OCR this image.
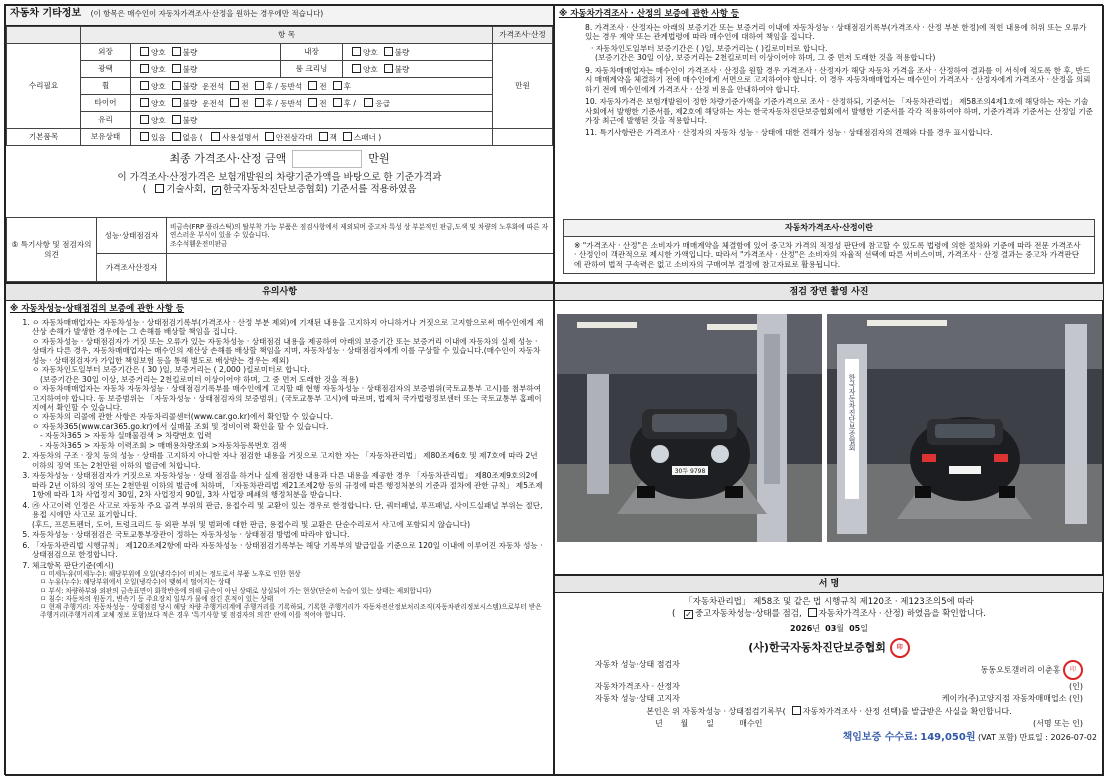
자동차 기타정보 (이 항목은 매수인이 자동차가격조사·산정을 원하는 경우에만 적습니다)
	항 목				가격조사·산정
수리필요	외장	양호 불량	내장	양호 불량	만원
	광택	양호 불량	룸 크리닝	양호 불량	
	휠	양호 불량 운전석 전 후 / 동반석 전 후			
	타이어	양호 불량 운전석 전 후 / 동반석 전 후 / 응급			
	유리	양호 불량			
기본품목	보유상태	있음 없음 ( 사용설명서 안전삼각대 잭 스패너 )			
최종 가격조사·산정 금액	만원
이 가격조사·산정가격은 보험개발원의 차량기준가액을 바탕으로 한 기준가격과
( 기술사회, ✓ 한국자동차진단보증협회) 기준서를 적용하였음
⑤ 특기사항 및 점검자의 의견	성능·상태점검자	비금속(FRP 플라스틱)의 탈부착 가능 부품은 점검사항에서 제외되며 중고차 특성 상 부분적인 판금,도색 및 차량의 노후화에 따른 자연스러운 부식이 있을 수 있습니다.
조수석휀운전미판금

	가격조사산정자	
※ 자동차가격조사 · 산정의 보증에 관한 사항 등
8. 가격조사 · 산정자는 아래의 보증기간 또는 보증거리 이내에 자동차성능 · 상태점검기록부(가격조사 · 산정 부분 한정)에 적힌 내용에 허위 또는 오류가 있는 경우 계약 또는 관계법령에 따라 매수인에 대하여 책임을 집니다.
· 자동차인도일부터 보증기간은 ( )일, 보증거리는 ( )킬로미터로 합니다.
(보증기간은 30일 이상, 보증거리는 2천킬로미터 이상이어야 하며, 그 중 먼저 도래한 것을 적용합니다)
9. 자동차매매업자는 매수인이 가격조사 · 산정을 원할 경우 가격조사 · 산정자가 해당 자동차 가격을 조사 · 산정하여 결과를 이 서식에 적도록 한 후, 반드시 매매계약을 체결하기 전에 매수인에게 서면으로 고지하여야 합니다. 이 경우 자동차매매업자는 매수인이 가격조사 · 산정자에게 가격조사 · 산정을 의뢰하기 전에 매수인에게 가격조사 · 산정 비용을 안내하여야 합니다.
10. 자동차가격은 보험개발원이 정한 차량기준가액을 기준가격으로 조사 · 산정하되, 기준서는 「자동차관리법」 제58조의4제1호에 해당하는 자는 기술사회에서 발행한 기준서를, 제2호에 해당하는 자는 한국자동차진단보증협회에서 발행한 기준서를 각각 적용하여야 하며, 기준가격과 기준서는 산정일 기준 가장 최근에 발행된 것을 적용합니다.
11. 특기사항란은 가격조사 · 산정자의 자동차 성능 · 상태에 대한 견해가 성능 · 상태점검자의 견해와 다를 경우 표시합니다.
자동차가격조사·산정이란
※ "가격조사 · 산정"은 소비자가 매매계약을 체결함에 있어 중고차 가격의 적정성 판단에 참고할 수 있도록 법령에 의한 절차와 기준에 따라 전문 가격조사 · 산정인이 객관적으로 제시한 가액입니다. 따라서 "가격조사 · 산정"은 소비자의 자율적 선택에 따른 서비스이며, 가격조사 · 산정 결과는 중고차 가격판단에 관하여 법적 구속력은 없고 소비자의 구매여부 결정에 참고자료로 활용됩니다.
유의사항
※ 자동차성능·상태점검의 보증에 관한 사항 등
1. ㅇ 자동차매매업자는 자동차성능 · 상태점검기록부(가격조사 · 산정 부분 제외)에 기재된 내용을 고지하지 아니하거나 거짓으로 고지함으로써 매수인에게 재산상 손해가 발생한 경우에는 그 손해를 배상할 책임을 집니다.
ㅇ 자동차성능 · 상태점검자가 거짓 또는 오류가 있는 자동차성능 · 상태점검 내용을 제공하여 아래의 보증기간 또는 보증거리 이내에 자동차의 실제 성능 · 상태가 다른 경우, 자동차매매업자는 매수인의 재산상 손해를 배상할 책임을 지며, 자동차성능 · 상태점검자에게 이를 구상할 수 있습니다.(매수인이 자동차성능 · 상태점검자가 가입한 책임보험 등을 통해 별도로 배상받는 경우는 제외)
ㅇ 자동차인도일부터 보증기간은 ( 30 )일, 보증거리는 ( 2,000 )킬로미터로 합니다.
(보증기간은 30일 이상, 보증거리는 2천킬로미터 이상이어야 하며, 그 중 먼저 도래한 것을 적용)
ㅇ 자동차매매업자는 자동차 자동차성능 · 상태점검기록부를 매수인에게 고지할 때 현행 자동차성능 · 상태점검자의 보증범위(국토교통부 고시)를 첨부하여 고지하여야 합니다. 동 보증범위는 「자동차성능 · 상태점검자의 보증범위」(국토교통부 고시)에 따르며, 법제처 국가법령정보센터 또는 국토교통부 홈페이지에서 확인할 수 있습니다.
ㅇ 자동차의 리콜에 관한 사항은 자동차리콜센터(www.car.go.kr)에서 확인할 수 있습니다.
ㅇ 자동차365(www.car365.go.kr)에서 실매물 조회 및 정비이력 확인을 할 수 있습니다.
- 자동차365 > 자동차 실매물검색 > 차량번호 입력
- 자동차365 > 자동차 이력조회 > 매매용차량조회 >자동차등록번호 검색
2. 자동차의 구조 · 장치 등의 성능 · 상태를 고지하지 아니한 자나 점검한 내용을 거짓으로 고지한 자는 「자동차관리법」 제80조제6호 및 제7호에 따라 2년 이하의 징역 또는 2천만원 이하의 벌금에 처합니다.
3. 자동차성능 · 상태점검자가 거짓으로 자동차성능 · 상태 점검을 하거나 실제 점검한 내용과 다른 내용을 제공한 경우 「자동차관리법」 제80조제9호의2에 따라 2년 이하의 징역 또는 2천만원 이하의 벌금에 처하며, 「자동차관리법 제21조제2항 등의 규정에 따른 행정처분의 기준과 절차에 관한 규칙」 제5조제1항에 따라 1차 사업정지 30일, 2차 사업정지 90일, 3차 사업장 폐쇄의 행정처분을 받습니다.
4. ㉮ 사고이력 인정은 사고로 자동차 주요 골격 부위의 판금, 용접수리 및 교환이 있는 경우로 한정합니다. 단, 쿼터패널, 루프패널, 사이드실패널 부위는 절단, 용접 시에만 사고로 표기합니다.
(후드, 프론트펜더, 도어, 트렁크리드 등 외판 부위 및 범퍼에 대한 판금, 용접수리 및 교환은 단순수리로서 사고에 포함되지 않습니다)
5. 자동차성능 · 상태점검은 국토교통부장관이 정하는 자동차성능 · 상태점검 방법에 따라야 합니다.
6. 「자동차관리법 시행규칙」 제120조제2항에 따라 자동차성능 · 상태점검기록부는 해당 기록부의 발급일을 기준으로 120일 이내에 이루어진 자동차 성능 · 상태점검으로 한정합니다.
7. 체크항목 판단기준(예시)
ㅁ 미세누유(미세누수): 해당부위에 오일(냉각수)이 비치는 정도로서 부품 노후로 인한 현상
ㅁ 누유(누수): 해당부위에서 오일(냉각수)이 맺혀서 떨어지는 상태
ㅁ 부식: 차량하부와 외판의 금속표면이 화학반응에 의해 금속이 아닌 상태로 상실되어 가는 현상(단순히 녹슬어 있는 상태는 제외합니다)
ㅁ 침수: 자동차의 원동기, 변속기 등 주요장치 일부가 물에 잠긴 흔적이 있는 상태
ㅁ 현재 주행거리: 자동차성능 · 상태점검 당시 해당 차량 주행거리계에 주행거리를 기록하되, 기록한 주행거리가 자동차전산정보처리조직(자동차관리정보시스템)으로부터 받은 주행거리(주행거리계 교체 정보 포함)보다 적은 경우 '특기사항 및 점검자의 의견' 란에 이를 적어야 합니다.
점검 장면 촬영 사진
30두 9798
한국자동차진단보증협회
서 명
「자동차관리법」 제58조 및 같은 법 시행규칙 제120조 · 제123조의5에 따라
( ✓중고자동차성능·상태를 점검, 자동차가격조사 · 산정) 하였음을 확인합니다.
2026년 03월 05일
(사)한국자동차진단보증협회 印
자동차 성능·상태 점검자
동동오토갤러리 이춘홍 印
자동차가격조사 · 산정자	(인)
자동차 성능·상태 고지자	케이카(주)고양지점 자동차매매업소 (인)
본인은 위 자동차성능 · 상태점검기록부( 자동차가격조사 · 산정 선택)를 발급받은 사실을 확인합니다.
년 월 일	매수인	(서명 또는 인)
책임보증 수수료: 149,050원 (VAT 포함) 만료일 : 2026-07-02
